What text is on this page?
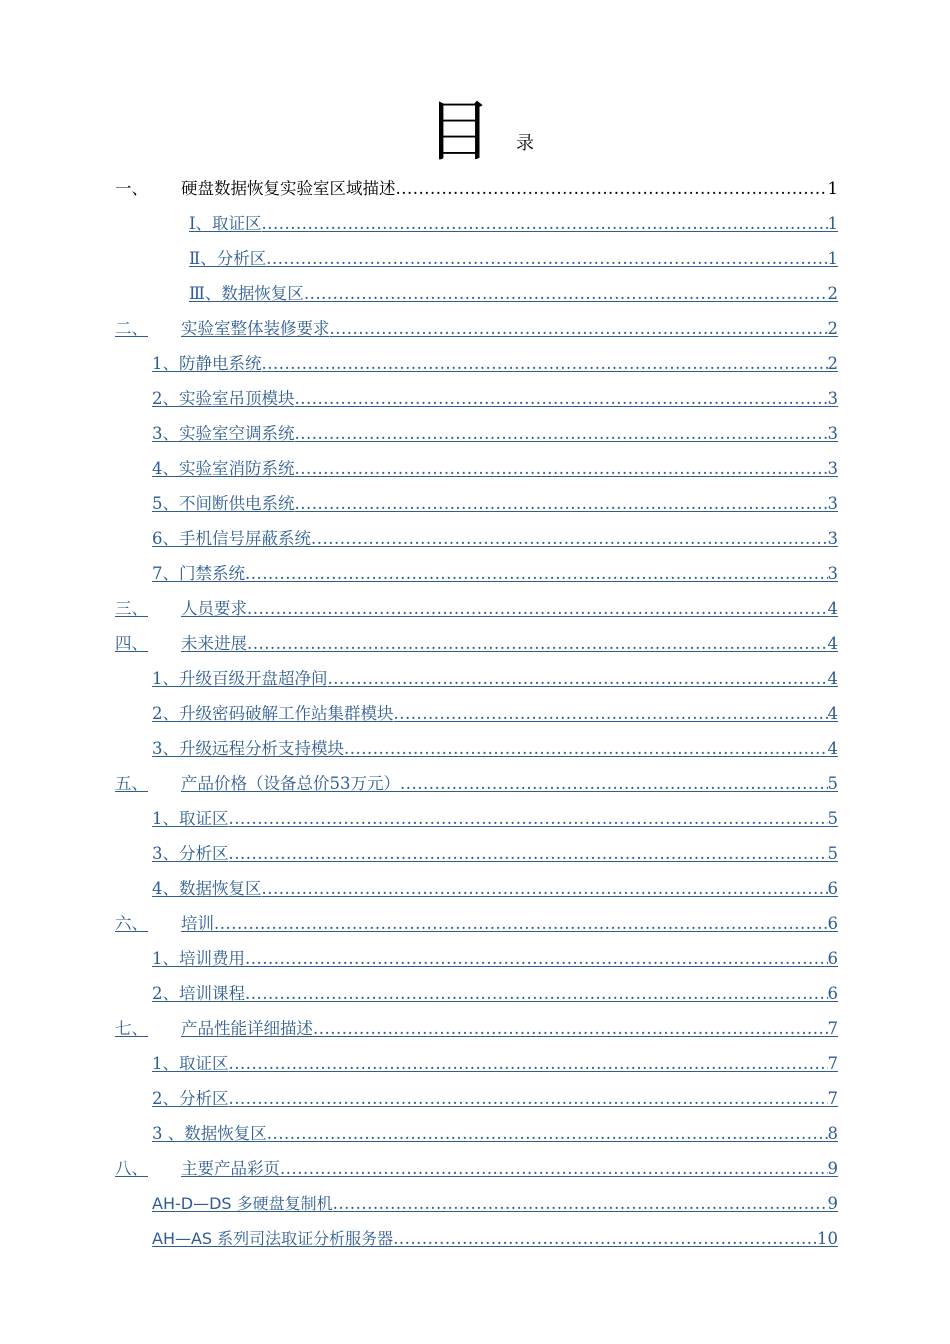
目 录
一、	硬盘数据恢复实验室区域描述 .....	1
Ⅰ、取证区 .....	1
Ⅱ、分析区 .....	1
Ⅲ、数据恢复区 .....	2
二、	实验室整体装修要求 .....	2
1、防静电系统 .....	2
2、实验室吊顶模块 .....	3
3、实验室空调系统 .....	3
4、实验室消防系统 .....	3
5、不间断供电系统 .....	3
6、手机信号屏蔽系统 .....	3
7、门禁系统 .....	3
三、	人员要求 .....	4
四、	未来进展 .....	4
1、升级百级开盘超净间 .....	4
2、升级密码破解工作站集群模块 .....	4
3、升级远程分析支持模块 .....	4
五、	产品价格（设备总价53万元） .....	5
1、取证区 .....	5
3、分析区 .....	5
4、数据恢复区 .....	6
六、	培训 .....	6
1、培训费用 .....	6
2、培训课程 .....	6
七、	产品性能详细描述 .....	7
1、取证区 .....	7
2、分析区 .....	7
3 、数据恢复区 .....	8
八、	主要产品彩页 .....	9
AH-D—DS 多硬盘复制机 .....	9
AH—AS 系列司法取证分析服务器 .....	10
